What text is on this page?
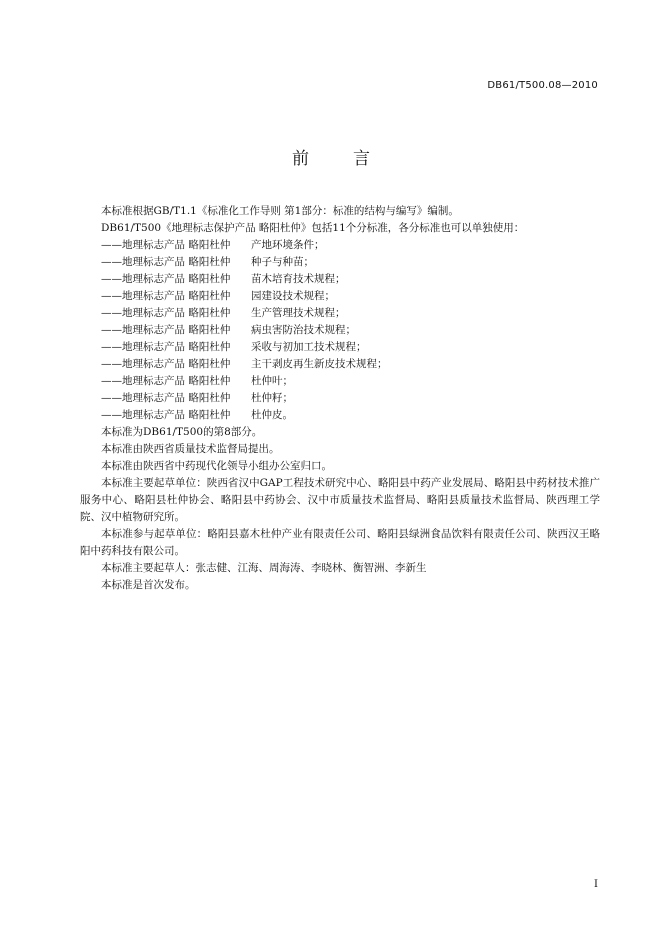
DB61/T500.08—2010
前言

本标准根据GB/T1.1《标准化工作导则 第1部分：标准的结构与编写》编制。

DB61/T500《地理标志保护产品 略阳杜仲》包括11个分标准，各分标准也可以单独使用：

——地理标志产品 略阳杜仲 产地环境条件；

——地理标志产品 略阳杜仲 种子与种苗；

——地理标志产品 略阳杜仲 苗木培育技术规程；

——地理标志产品 略阳杜仲 园建设技术规程；

——地理标志产品 略阳杜仲 生产管理技术规程；

——地理标志产品 略阳杜仲 病虫害防治技术规程；

——地理标志产品 略阳杜仲 采收与初加工技术规程；

——地理标志产品 略阳杜仲 主干剥皮再生新皮技术规程；

——地理标志产品 略阳杜仲 杜仲叶；

——地理标志产品 略阳杜仲 杜仲籽；

——地理标志产品 略阳杜仲 杜仲皮。

本标准为DB61/T500的第8部分。

本标准由陕西省质量技术监督局提出。

本标准由陕西省中药现代化领导小组办公室归口。

本标准主要起草单位：陕西省汉中GAP工程技术研究中心、略阳县中药产业发展局、略阳县中药材技术推广服务中心、略阳县杜仲协会、略阳县中药协会、汉中市质量技术监督局、略阳县质量技术监督局、陕西理工学院、汉中植物研究所。

本标准参与起草单位：略阳县嘉木杜仲产业有限责任公司、略阳县绿洲食品饮料有限责任公司、陕西汉王略阳中药科技有限公司。

本标准主要起草人：张志健、江海、周海涛、李晓林、衡智洲、李新生

本标准是首次发布。

I
